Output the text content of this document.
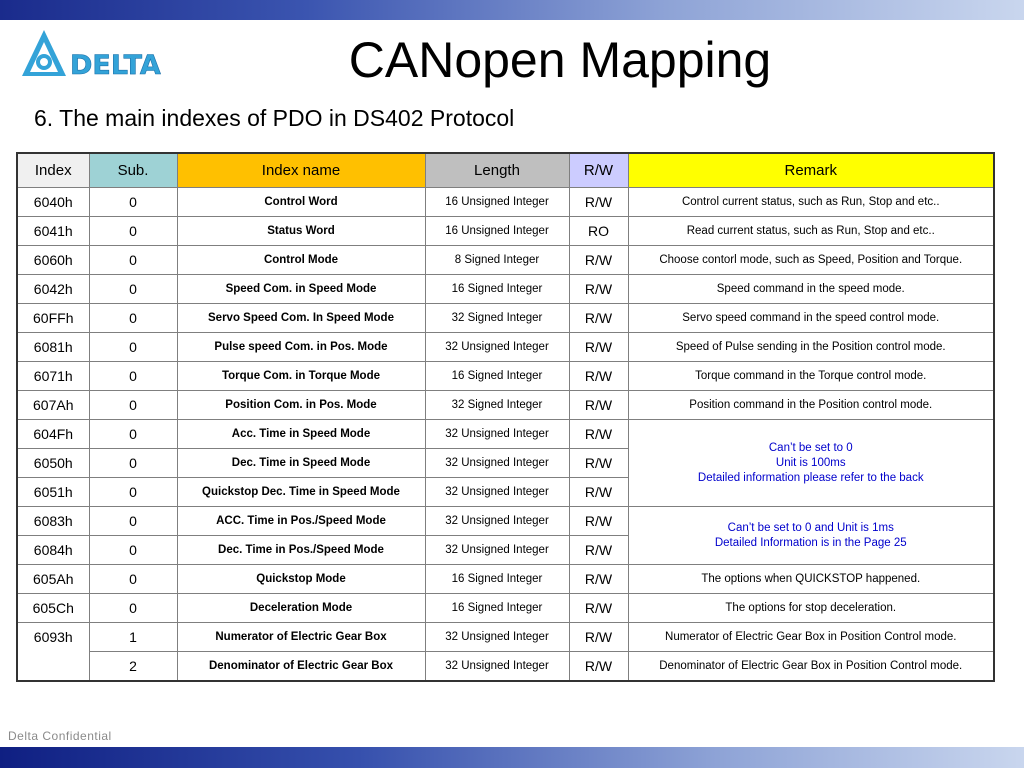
DELTA	CANopen Mapping
6. The main indexes of PDO in DS402 Protocol
Index	Sub.	Index name	Length	R/W	Remark
6040h	0	Control Word	16 Unsigned Integer	R/W	Control current status, such as Run, Stop and etc..
6041h	0	Status Word	16 Unsigned Integer	RO	Read current status, such as Run, Stop and etc..
6060h	0	Control Mode	8 Signed Integer	R/W	Choose contorl mode, such as Speed, Position and Torque.
6042h	0	Speed Com. in Speed Mode	16 Signed Integer	R/W	Speed command in the speed mode.
60FFh	0	Servo Speed Com. In Speed Mode	32 Signed Integer	R/W	Servo speed command in the speed control mode.
6081h	0	Pulse speed Com. in Pos. Mode	32 Unsigned Integer	R/W	Speed of Pulse sending in the Position control mode.
6071h	0	Torque Com. in Torque Mode	16 Signed Integer	R/W	Torque command in the Torque control mode.
607Ah	0	Position Com. in Pos. Mode	32 Signed Integer	R/W	Position command in the Position control mode.
604Fh	0	Acc. Time in Speed Mode	32 Unsigned Integer	R/W	Can’t be set to 0
Unit is 100ms
Detailed information please refer to the back

6050h	0	Dec. Time in Speed Mode	32 Unsigned Integer	R/W	
6051h	0	Quickstop Dec. Time in Speed Mode	32 Unsigned Integer	R/W	
6083h	0	ACC. Time in Pos./Speed Mode	32 Unsigned Integer	R/W	Can’t be set to 0 and Unit is 1ms
Detailed Information is in the Page 25

6084h	0	Dec. Time in Pos./Speed Mode	32 Unsigned Integer	R/W	
605Ah	0	Quickstop Mode	16 Signed Integer	R/W	The options when QUICKSTOP happened.
605Ch	0	Deceleration Mode	16 Signed Integer	R/W	The options for stop deceleration.
6093h	1	Numerator of Electric Gear Box	32 Unsigned Integer	R/W	Numerator of Electric Gear Box in Position Control mode.
	2	Denominator of Electric Gear Box	32 Unsigned Integer	R/W	Denominator of Electric Gear Box in Position Control mode.
Delta Confidential
